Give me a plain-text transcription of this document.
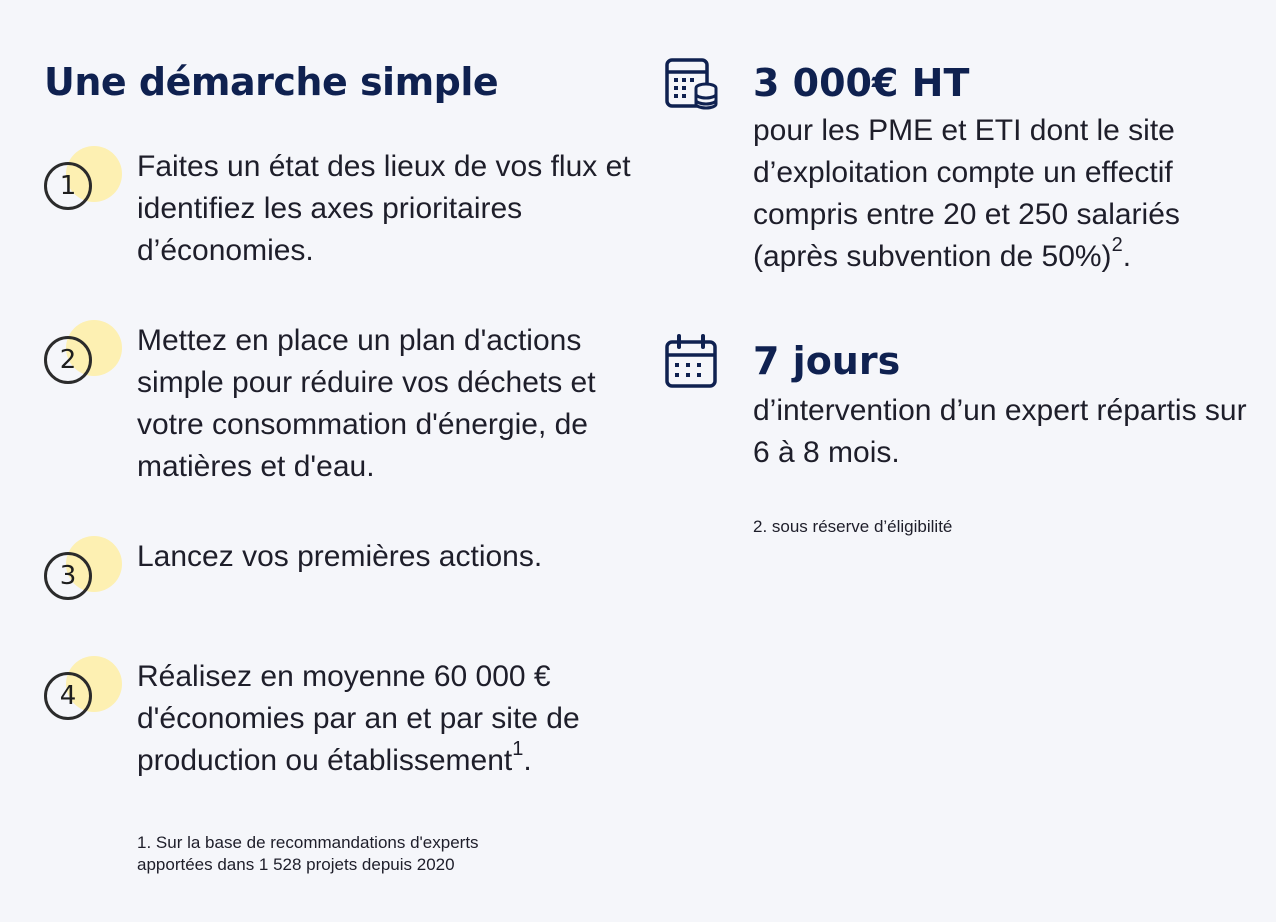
Une démarche simple
1

Faites un état des lieux de vos flux et identifiez les axes prioritaires d’économies.

2

Mettez en place un plan d'actions simple pour réduire vos déchets et votre consommation d'énergie, de matières et d'eau.

3

Lancez vos premières actions.

4

Réalisez en moyenne 60 000 € d'économies par an et par site de production ou établissement$^1$.

1. Sur la base de recommandations d'experts
apportées dans 1 528 projets depuis 2020

3 000€ HT

pour les PME et ETI dont le site d’exploitation compte un effectif compris entre 20 et 250 salariés (après subvention de 50%)$^2$.

7 jours

d’intervention d’un expert répartis sur 6 à 8 mois.

2. sous réserve d’éligibilité
